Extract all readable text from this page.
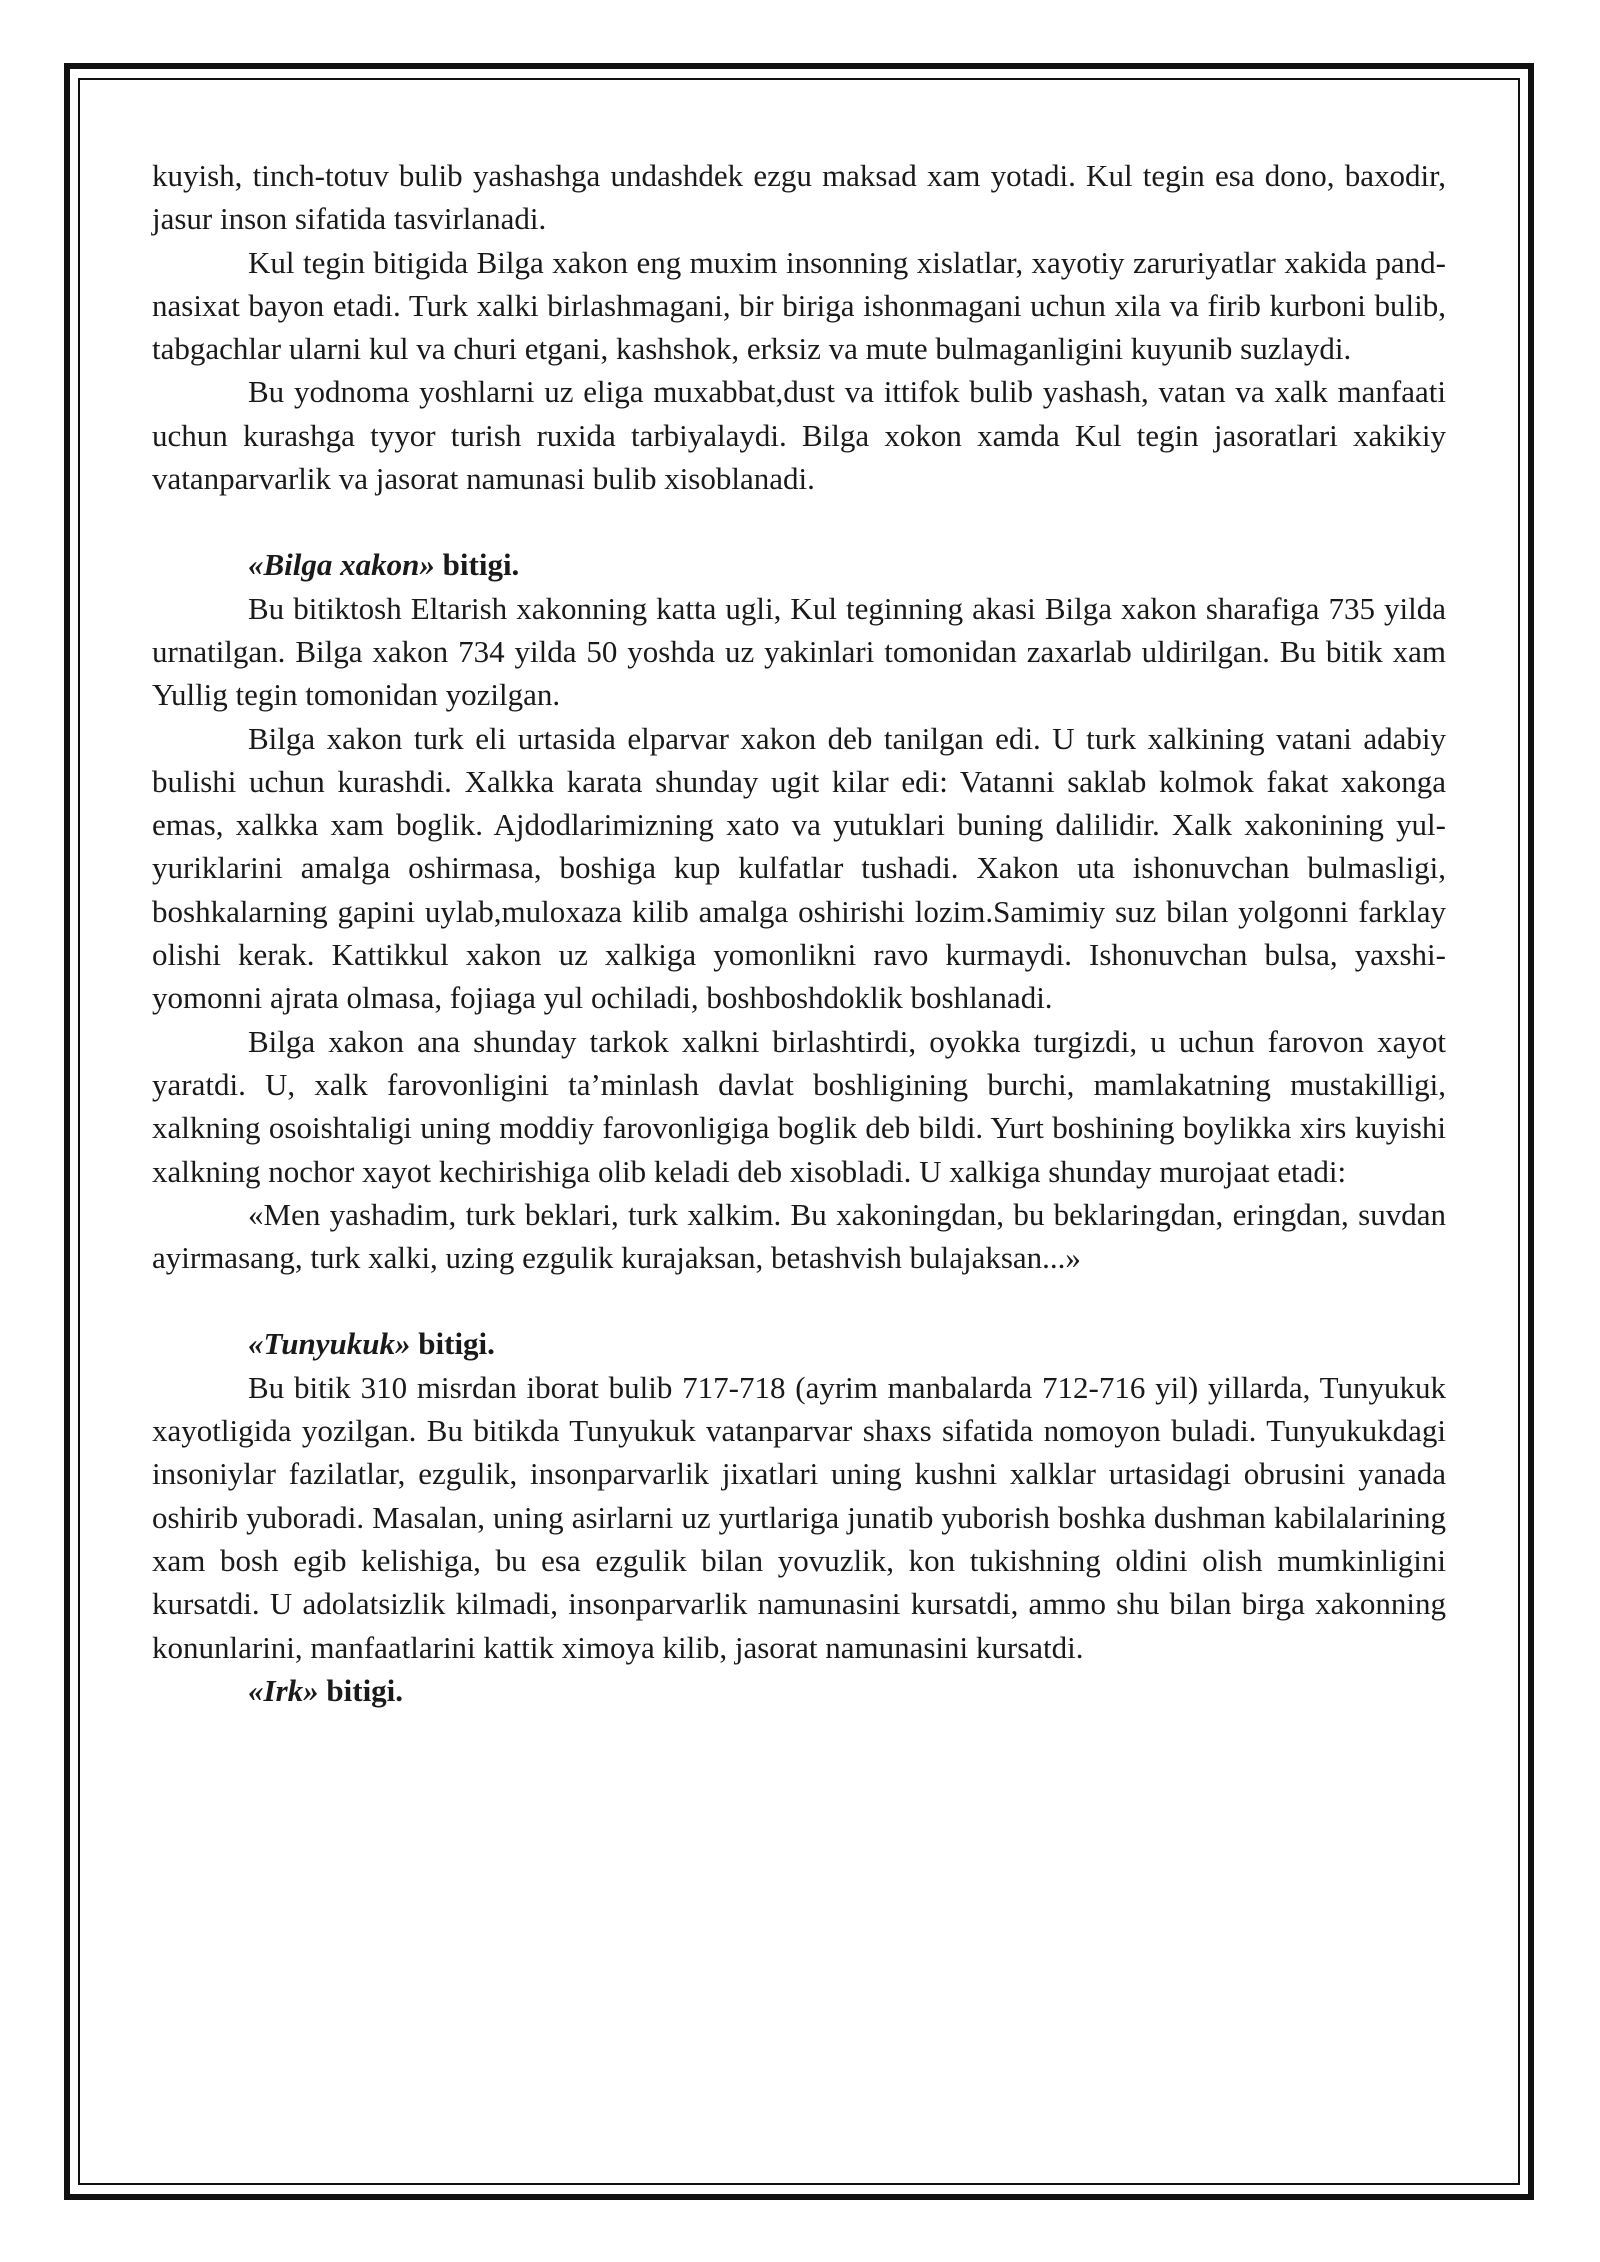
kuyish, tinch-totuv bulib yashashga undashdek ezgu maksad xam yotadi. Kul tegin esa dono, baxodir, jasur inson sifatida tasvirlanadi.

Kul tegin bitigida Bilga xakon eng muxim insonning xislatlar, xayotiy zaruriyatlar xakida pand-nasixat bayon etadi. Turk xalki birlashmagani, bir biriga ishonmagani uchun xila va firib kurboni bulib, tabgachlar ularni kul va churi etgani, kashshok, erksiz va mute bulmaganligini kuyunib suzlaydi.

Bu yodnoma yoshlarni uz eliga muxabbat,dust va ittifok bulib yashash, vatan va xalk manfaati uchun kurashga tyyor turish ruxida tarbiyalaydi. Bilga xokon xamda Kul tegin jasoratlari xakikiy vatanparvarlik va jasorat namunasi bulib xisoblanadi.

«Bilga xakon» bitigi.

Bu bitiktosh Eltarish xakonning katta ugli, Kul teginning akasi Bilga xakon sharafiga 735 yilda urnatilgan. Bilga xakon 734 yilda 50 yoshda uz yakinlari tomonidan zaxarlab uldirilgan. Bu bitik xam Yullig tegin tomonidan yozilgan.

Bilga xakon turk eli urtasida elparvar xakon deb tanilgan edi. U turk xalkining vatani adabiy bulishi uchun kurashdi. Xalkka karata shunday ugit kilar edi: Vatanni saklab kolmok fakat xakonga emas, xalkka xam boglik. Ajdodlarimizning xato va yutuklari buning dalilidir. Xalk xakonining yul-yuriklarini amalga oshirmasa, boshiga kup kulfatlar tushadi. Xakon uta ishonuvchan bulmasligi, boshkalarning gapini uylab,muloxaza kilib amalga oshirishi lozim.Samimiy suz bilan yolgonni farklay olishi kerak. Kattikkul xakon uz xalkiga yomonlikni ravo kurmaydi. Ishonuvchan bulsa, yaxshi-yomonni ajrata olmasa, fojiaga yul ochiladi, boshboshdoklik boshlanadi.

Bilga xakon ana shunday tarkok xalkni birlashtirdi, oyokka turgizdi, u uchun farovon xayot yaratdi. U, xalk farovonligini ta’minlash davlat boshligining burchi, mamlakatning mustakilligi, xalkning osoishtaligi uning moddiy farovonligiga boglik deb bildi. Yurt boshining boylikka xirs kuyishi xalkning nochor xayot kechirishiga olib keladi deb xisobladi. U xalkiga shunday murojaat etadi:

«Men yashadim, turk beklari, turk xalkim. Bu xakoningdan, bu beklaringdan, eringdan, suvdan ayirmasang, turk xalki, uzing ezgulik kurajaksan, betashvish bulajaksan...»

«Tunyukuk» bitigi.

Bu bitik 310 misrdan iborat bulib 717-718 (ayrim manbalarda 712-716 yil) yillarda, Tunyukuk xayotligida yozilgan. Bu bitikda Tunyukuk vatanparvar shaxs sifatida nomoyon buladi. Tunyukukdagi insoniylar fazilatlar, ezgulik, insonparvarlik jixatlari uning kushni xalklar urtasidagi obrusini yanada oshirib yuboradi. Masalan, uning asirlarni uz yurtlariga junatib yuborish boshka dushman kabilalarining xam bosh egib kelishiga, bu esa ezgulik bilan yovuzlik, kon tukishning oldini olish mumkinligini kursatdi. U adolatsizlik kilmadi, insonparvarlik namunasini kursatdi, ammo shu bilan birga xakonning konunlarini, manfaatlarini kattik ximoya kilib, jasorat namunasini kursatdi.

«Irk» bitigi.
